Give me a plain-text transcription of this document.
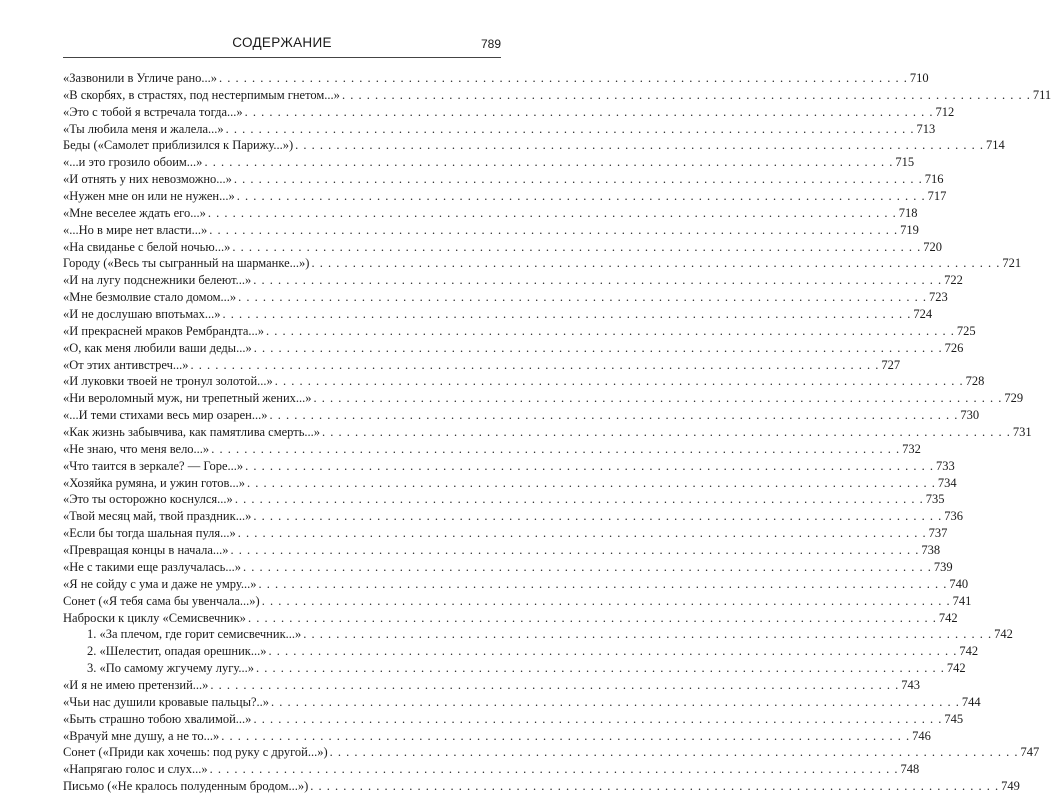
СОДЕРЖАНИЕ	789
«Зазвонили в Угличе рано...» . . .	710
«В скорбях, в страстях, под нестерпимым гнетом...» . . .	711
«Это с тобой я встречала тогда...» . . .	712
«Ты любила меня и жалела...» . . .	713
Беды («Самолет приблизился к Парижу...») . . .	714
«...и это грозило обоим...» . . .	715
«И отнять у них невозможно...» . . .	716
«Нужен мне он или не нужен...» . . .	717
«Мне веселее ждать его...» . . .	718
«...Но в мире нет власти...» . . .	719
«На свиданье с белой ночью...» . . .	720
Городу («Весь ты сыгранный на шарманке...») . . .	721
«И на лугу подснежники белеют...» . . .	722
«Мне безмолвие стало домом...» . . .	723
«И не дослушаю впотьмах...» . . .	724
«И прекрасней мраков Рембрандта...» . . .	725
«О, как меня любили ваши деды...» . . .	726
«От этих антивстреч...» . . .	727
«И луковки твоей не тронул золотой...» . . .	728
«Ни вероломный муж, ни трепетный жених...» . . .	729
«...И теми стихами весь мир озарен...» . . .	730
«Как жизнь забывчива, как памятлива смерть...» . . .	731
«Не знаю, что меня вело...» . . .	732
«Что таится в зеркале? — Горе...» . . .	733
«Хозяйка румяна, и ужин готов...» . . .	734
«Это ты осторожно коснулся...» . . .	735
«Твой месяц май, твой праздник...» . . .	736
«Если бы тогда шальная пуля...» . . .	737
«Превращая концы в начала...» . . .	738
«Не с такими еще разлучалась...» . . .	739
«Я не сойду с ума и даже не умру...» . . .	740
Сонет («Я тебя сама бы увенчала...») . . .	741
Наброски к циклу «Семисвечник» . . .	742
1. «За плечом, где горит семисвечник...» . . .	742
2. «Шелестит, опадая орешник...» . . .	742
3. «По самому жгучему лугу...» . . .	742
«И я не имею претензий...» . . .	743
«Чьи нас душили кровавые пальцы?..» . . .	744
«Быть страшно тобою хвалимой...» . . .	745
«Врачуй мне душу, а не то...» . . .	746
Сонет («Приди как хочешь: под руку с другой...») . . .	747
«Напрягаю голос и слух...» . . .	748
Письмо («Не кралось полуденным бродом...») . . .	749
